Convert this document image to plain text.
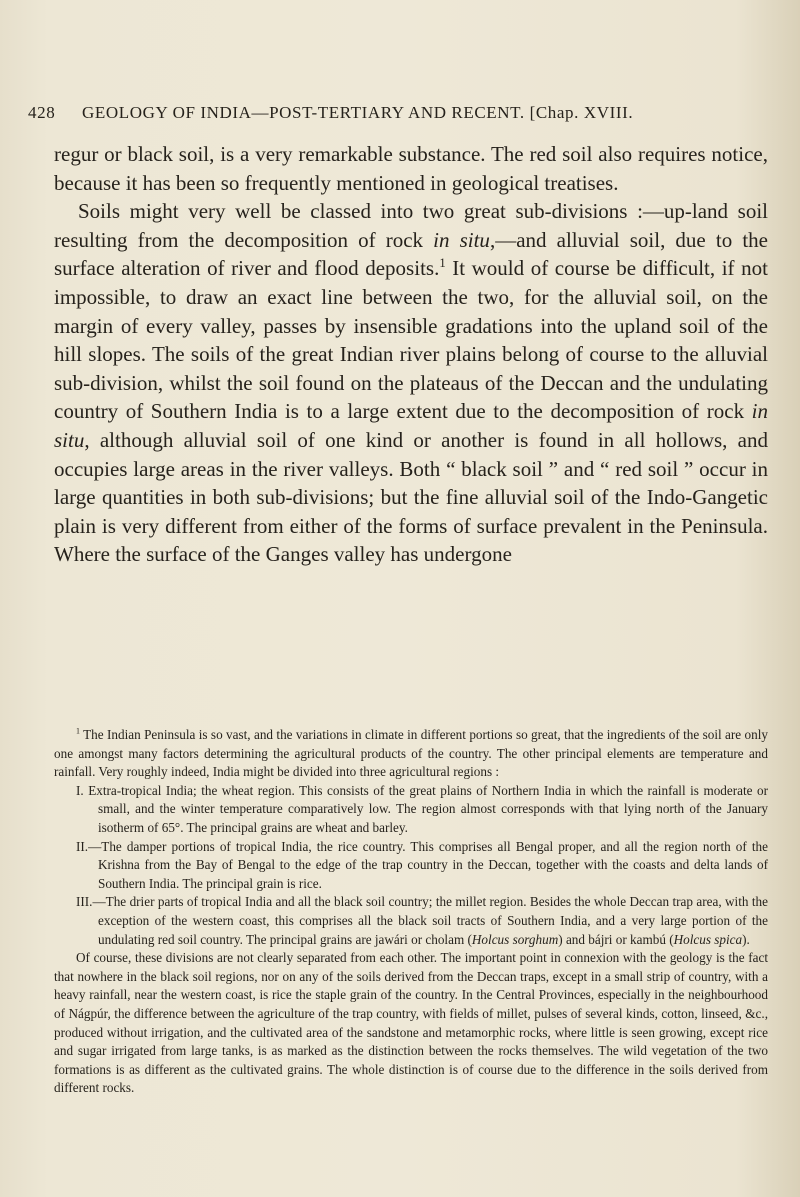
428	GEOLOGY OF INDIA—POST-TERTIARY AND RECENT. [Chap. XVIII.

regur or black soil, is a very remarkable substance. The red soil also requires notice, because it has been so frequently mentioned in geological treatises.

Soils might very well be classed into two great sub-divisions :—up-land soil resulting from the decomposition of rock in situ,—and alluvial soil, due to the surface alteration of river and flood deposits.$^1$ It would of course be difficult, if not impossible, to draw an exact line between the two, for the alluvial soil, on the margin of every valley, passes by insensible gradations into the upland soil of the hill slopes. The soils of the great Indian river plains belong of course to the alluvial sub-division, whilst the soil found on the plateaus of the Deccan and the undulating country of Southern India is to a large extent due to the decomposition of rock in situ, although alluvial soil of one kind or another is found in all hollows, and occupies large areas in the river valleys. Both “ black soil ” and “ red soil ” occur in large quantities in both sub-divisions; but the fine alluvial soil of the Indo-Gangetic plain is very different from either of the forms of surface prevalent in the Peninsula. Where the surface of the Ganges valley has undergone

$^1$ The Indian Peninsula is so vast, and the variations in climate in different portions so great, that the ingredients of the soil are only one amongst many factors determining the agricultural products of the country. The other principal elements are temperature and rainfall. Very roughly indeed, India might be divided into three agricultural regions :

I. Extra-tropical India; the wheat region. This consists of the great plains of Northern India in which the rainfall is moderate or small, and the winter temperature comparatively low. The region almost corresponds with that lying north of the January isotherm of 65°. The principal grains are wheat and barley.

II.—The damper portions of tropical India, the rice country. This comprises all Bengal proper, and all the region north of the Krishna from the Bay of Bengal to the edge of the trap country in the Deccan, together with the coasts and delta lands of Southern India. The principal grain is rice.

III.—The drier parts of tropical India and all the black soil country; the millet region. Besides the whole Deccan trap area, with the exception of the western coast, this comprises all the black soil tracts of Southern India, and a very large portion of the undulating red soil country. The principal grains are jawári or cholam (Holcus sorghum) and bájri or kambú (Holcus spica).

Of course, these divisions are not clearly separated from each other. The important point in connexion with the geology is the fact that nowhere in the black soil regions, nor on any of the soils derived from the Deccan traps, except in a small strip of country, with a heavy rainfall, near the western coast, is rice the staple grain of the country. In the Central Provinces, especially in the neighbourhood of Nágpúr, the difference between the agriculture of the trap country, with fields of millet, pulses of several kinds, cotton, linseed, &c., produced without irrigation, and the cultivated area of the sandstone and metamorphic rocks, where little is seen growing, except rice and sugar irrigated from large tanks, is as marked as the distinction between the rocks themselves. The wild vegetation of the two formations is as different as the cultivated grains. The whole distinction is of course due to the difference in the soils derived from different rocks.
